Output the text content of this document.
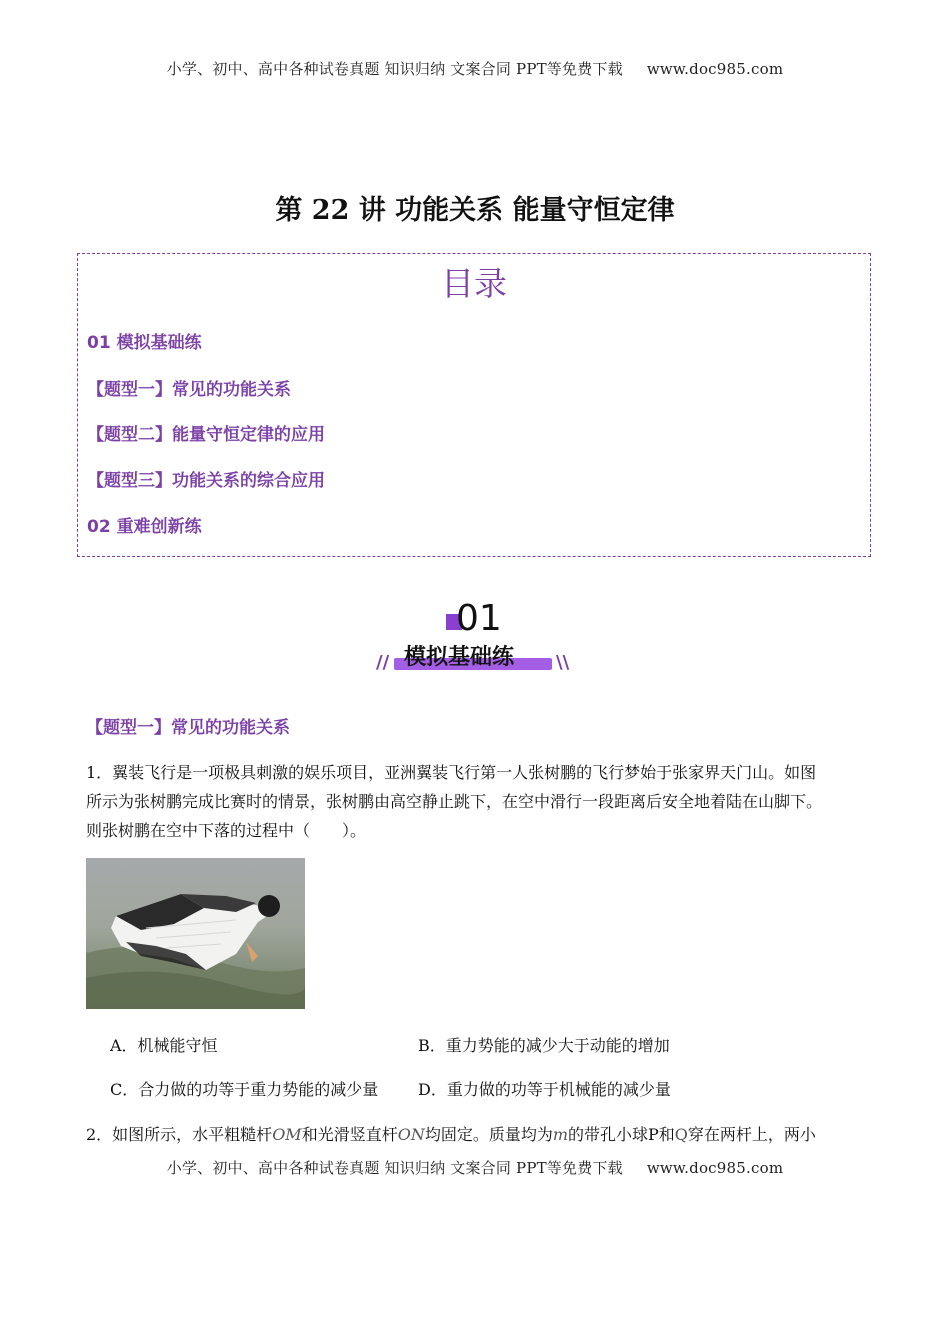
小学、初中、高中各种试卷真题 知识归纳 文案合同 PPT等免费下载 www.doc985.com
第 22 讲 功能关系 能量守恒定律
目录
01 模拟基础练
【题型一】常见的功能关系
【题型二】能量守恒定律的应用
【题型三】功能关系的综合应用
02 重难创新练
01
模拟基础练
//	\\
【题型一】常见的功能关系
1．翼装飞行是一项极具刺激的娱乐项目，亚洲翼装飞行第一人张树鹏的飞行梦始于张家界天门山。如图
所示为张树鹏完成比赛时的情景，张树鹏由高空静止跳下，在空中滑行一段距离后安全地着陆在山脚下。
则张树鹏在空中下落的过程中（　　）。
A．机械能守恒	B．重力势能的减少大于动能的增加
C．合力做的功等于重力势能的减少量 D．重力做的功等于机械能的减少量
2．如图所示，水平粗糙杆OM和光滑竖直杆ON均固定。质量均为m的带孔小球P和Q穿在两杆上，两小
小学、初中、高中各种试卷真题 知识归纳 文案合同 PPT等免费下载 www.doc985.com
